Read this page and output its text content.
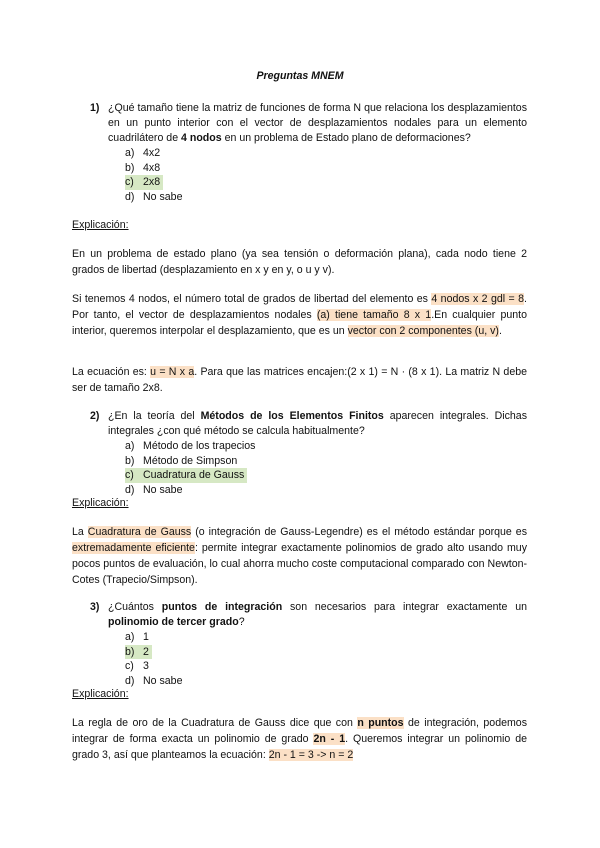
Preguntas MNEM
1) ¿Qué tamaño tiene la matriz de funciones de forma N que relaciona los desplazamientos en un punto interior con el vector de desplazamientos nodales para un elemento cuadrilátero de 4 nodos en un problema de Estado plano de deformaciones?
a) 4x2
b) 4x8
c) 2x8
d) No sabe
Explicación:
En un problema de estado plano (ya sea tensión o deformación plana), cada nodo tiene 2 grados de libertad (desplazamiento en x y en y, o u y v).
Si tenemos 4 nodos, el número total de grados de libertad del elemento es 4 nodos x 2 gdl = 8. Por tanto, el vector de desplazamientos nodales (a) tiene tamaño 8 x 1.En cualquier punto interior, queremos interpolar el desplazamiento, que es un vector con 2 componentes (u, v).
La ecuación es: u = N x a. Para que las matrices encajen:(2 x 1) = N · (8 x 1). La matriz N debe ser de tamaño 2x8.
2) ¿En la teoría del Métodos de los Elementos Finitos aparecen integrales. Dichas integrales ¿con qué método se calcula habitualmente?
a) Método de los trapecios
b) Método de Simpson
c) Cuadratura de Gauss
d) No sabe
Explicación:
La Cuadratura de Gauss (o integración de Gauss-Legendre) es el método estándar porque es extremadamente eficiente: permite integrar exactamente polinomios de grado alto usando muy pocos puntos de evaluación, lo cual ahorra mucho coste computacional comparado con Newton-Cotes (Trapecio/Simpson).
3) ¿Cuántos puntos de integración son necesarios para integrar exactamente un polinomio de tercer grado?
a) 1
b) 2
c) 3
d) No sabe
Explicación:
La regla de oro de la Cuadratura de Gauss dice que con n puntos de integración, podemos integrar de forma exacta un polinomio de grado 2n - 1. Queremos integrar un polinomio de grado 3, así que planteamos la ecuación: 2n - 1 = 3 -> n = 2
